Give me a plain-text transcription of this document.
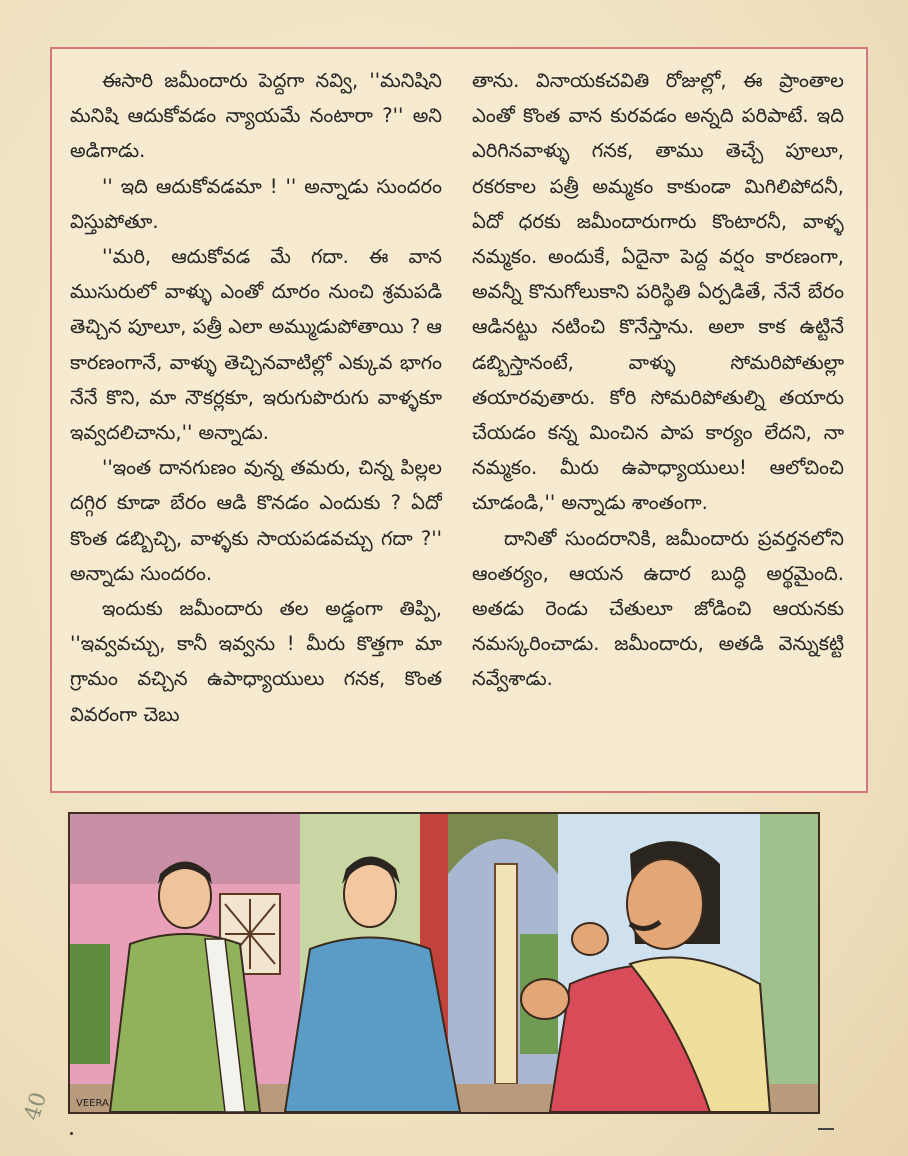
ఈసారి జమీందారు పెద్దగా నవ్వి, ''మనిషిని మనిషి ఆదుకోవడం న్యాయమే నంటారా ?'' అని అడిగాడు.

'' ఇది ఆదుకోవడమా ! '' అన్నాడు సుందరం విస్తుపోతూ.

''మరి, ఆదుకోవడ మే గదా. ఈ వాన ముసురులో వాళ్ళు ఎంతో దూరం నుంచి శ్రమపడి తెచ్చిన పూలూ, పత్రీ ఎలా అమ్ముడుపోతాయి ? ఆ కారణంగానే, వాళ్ళు తెచ్చినవాటిల్లో ఎక్కువ భాగం నేనే కొని, మా నౌకర్లకూ, ఇరుగుపొరుగు వాళ్ళకూ ఇవ్వదలిచాను,'' అన్నాడు.

''ఇంత దానగుణం వున్న తమరు, చిన్న పిల్లల దగ్గిర కూడా బేరం ఆడి కొనడం ఎందుకు ? ఏదో కొంత డబ్బిచ్చి, వాళ్ళకు సాయపడవచ్చు గదా ?'' అన్నాడు సుందరం.

ఇందుకు జమీందారు తల అడ్డంగా తిప్పి, ''ఇవ్వవచ్చు, కానీ ఇవ్వను ! మీరు కొత్తగా మా గ్రామం వచ్చిన ఉపాధ్యాయులు గనక, కొంత వివరంగా చెబు

తాను. వినాయకచవితి రోజుల్లో, ఈ ప్రాంతాల ఎంతో కొంత వాన కురవడం అన్నది పరిపాటే. ఇది ఎరిగినవాళ్ళు గనక, తాము తెచ్చే పూలూ, రకరకాల పత్రీ అమ్మకం కాకుండా మిగిలిపోదనీ, ఏదో ధరకు జమీందారుగారు కొంటారనీ, వాళ్ళ నమ్మకం. అందుకే, ఏదైనా పెద్ద వర్షం కారణంగా, అవన్నీ కొనుగోలుకాని పరిస్థితి ఏర్పడితే, నేనే బేరం ఆడినట్టు నటించి కొనేస్తాను. అలా కాక ఉట్టినే డబ్బిస్తానంటే, వాళ్ళు సోమరిపోతుల్లా తయారవుతారు. కోరి సోమరిపోతుల్ని తయారు చేయడం కన్న మించిన పాప కార్యం లేదని, నా నమ్మకం. మీరు ఉపాధ్యాయులు! ఆలోచించి చూడండి,'' అన్నాడు శాంతంగా.

దానితో సుందరానికి, జమీందారు ప్రవర్తనలోని ఆంతర్యం, ఆయన ఉదార బుద్ధి అర్థమైంది. అతడు రెండు చేతులూ జోడించి ఆయనకు నమస్కరించాడు. జమీందారు, అతడి వెన్నుకట్టి నవ్వేశాడు.

VEERA
40
